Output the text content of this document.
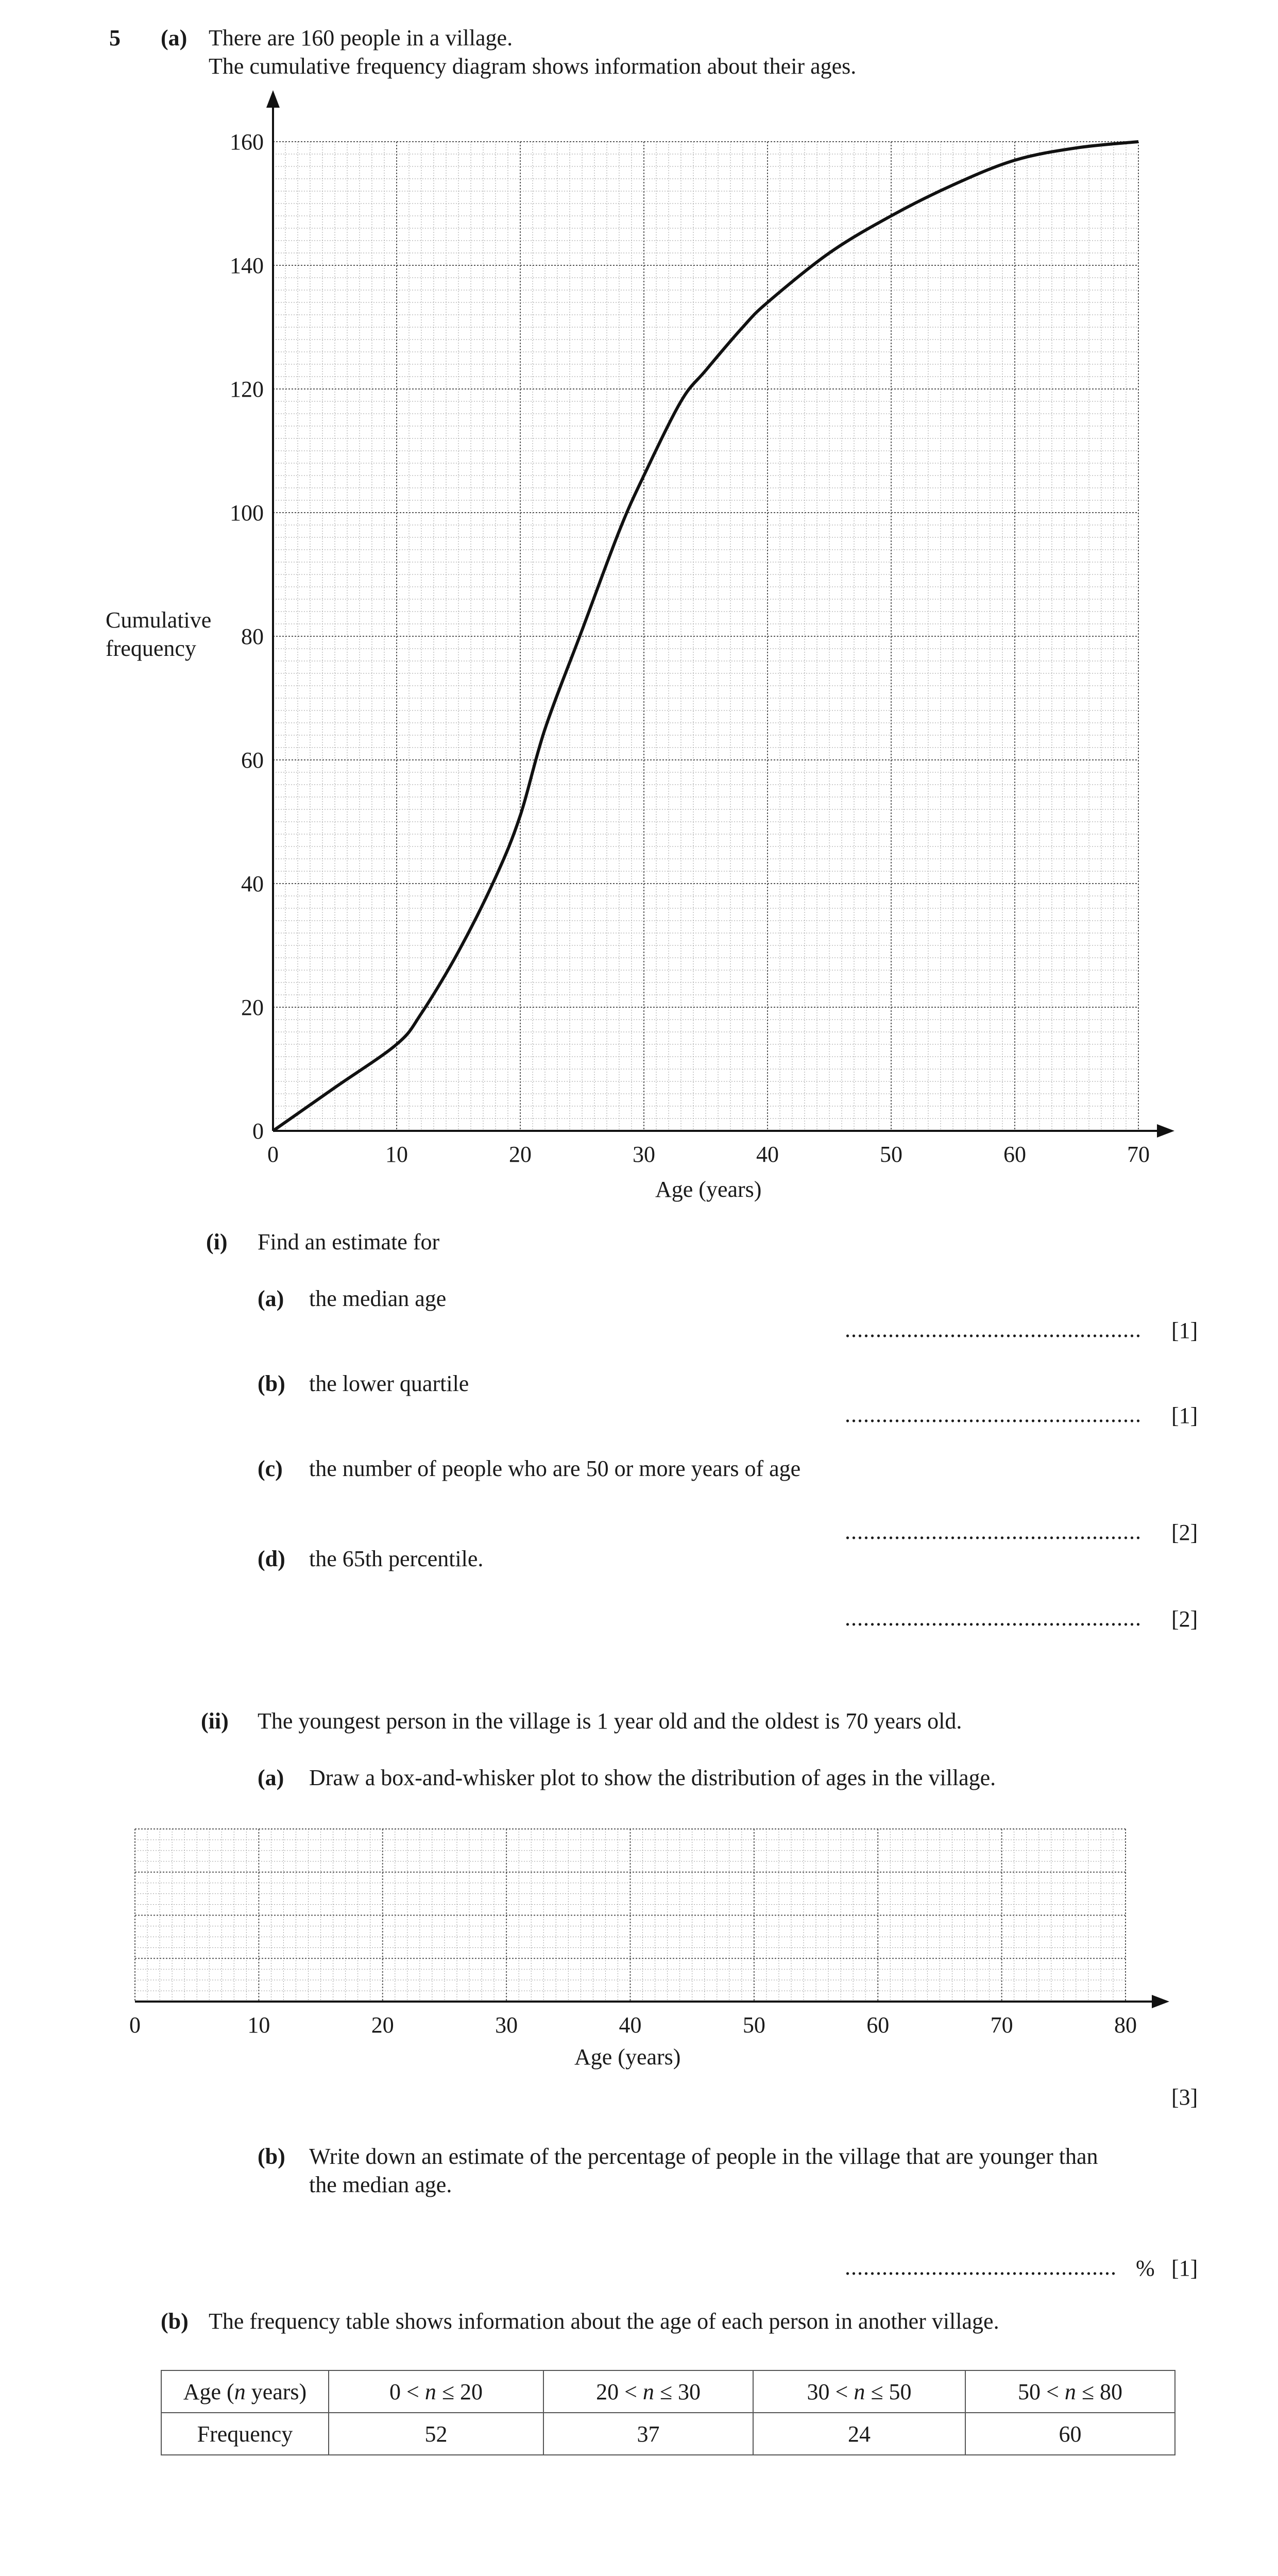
5 (a) There are 160 people in a village.
The cumulative frequency diagram shows information about their ages.
0	10	20	30	40	50	60	70
0
20
40
60
80
100
120
140
160
Cumulative
frequency
Age (years)
(i) Find an estimate for
(a) the median age
................................................ [1]
(b) the lower quartile
................................................ [1]
(c) the number of people who are 50 or more years of age
................................................ [2]
(d) the 65th percentile.
................................................ [2]
(ii) The youngest person in the village is 1 year old and the oldest is 70 years old.
(a) Draw a box-and-whisker plot to show the distribution of ages in the village.
0	10	20	30	40	50	60	70	80
Age (years)
[3]
(b) Write down an estimate of the percentage of people in the village that are younger than
the median age.
............................................ % [1]
(b) The frequency table shows information about the age of each person in another village.
Age (n years)	0 < n ≤ 20	20 < n ≤ 30	30 < n ≤ 50	50 < n ≤ 80
Frequency	52	37	24	60
